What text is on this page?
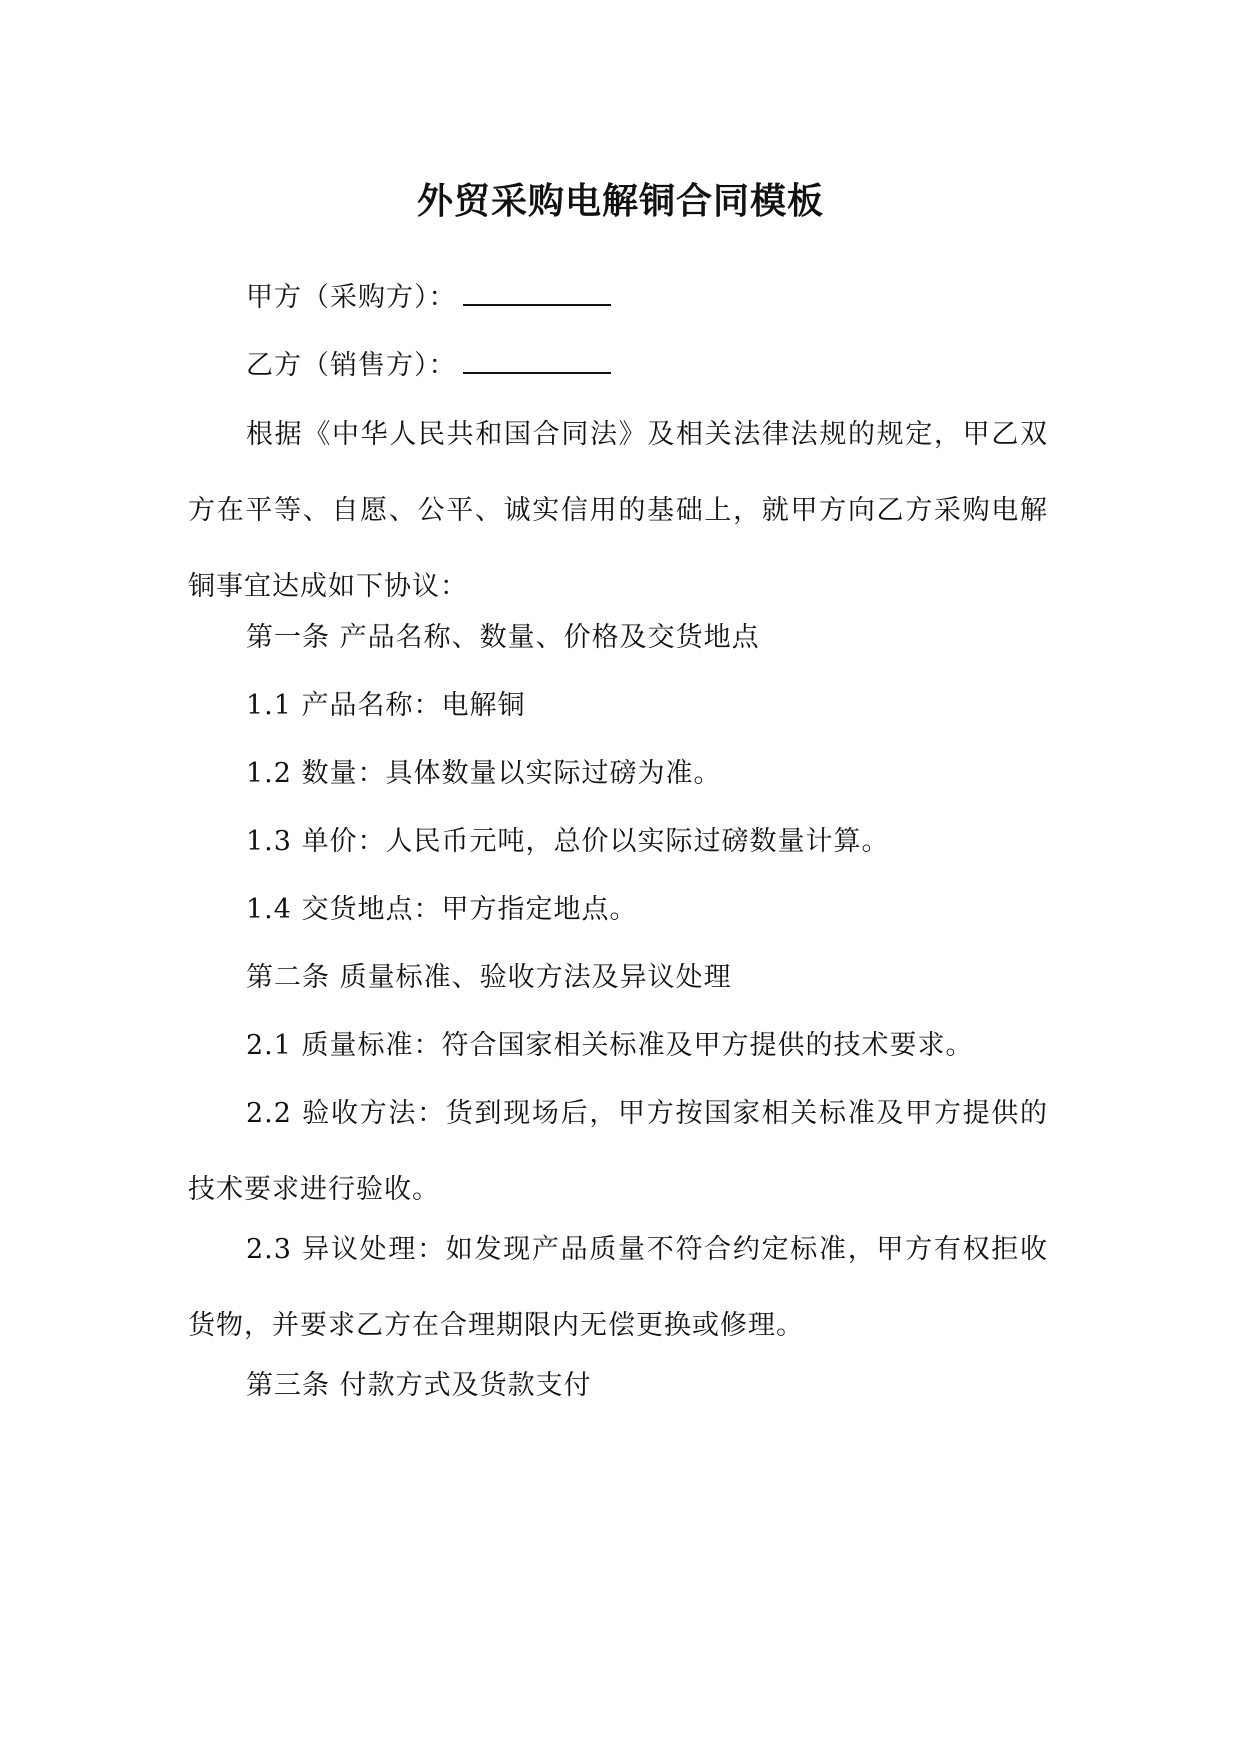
外贸采购电解铜合同模板
甲方（采购方）：
乙方（销售方）：
根据《中华人民共和国合同法》及相关法律法规的规定，甲乙双方在平等、自愿、公平、诚实信用的基础上，就甲方向乙方采购电解铜事宜达成如下协议：
第一条 产品名称、数量、价格及交货地点
1.1 产品名称：电解铜
1.2 数量：具体数量以实际过磅为准。
1.3 单价：人民币元吨，总价以实际过磅数量计算。
1.4 交货地点：甲方指定地点。
第二条 质量标准、验收方法及异议处理
2.1 质量标准：符合国家相关标准及甲方提供的技术要求。
2.2 验收方法：货到现场后，甲方按国家相关标准及甲方提供的技术要求进行验收。
2.3 异议处理：如发现产品质量不符合约定标准，甲方有权拒收货物，并要求乙方在合理期限内无偿更换或修理。
第三条 付款方式及货款支付
